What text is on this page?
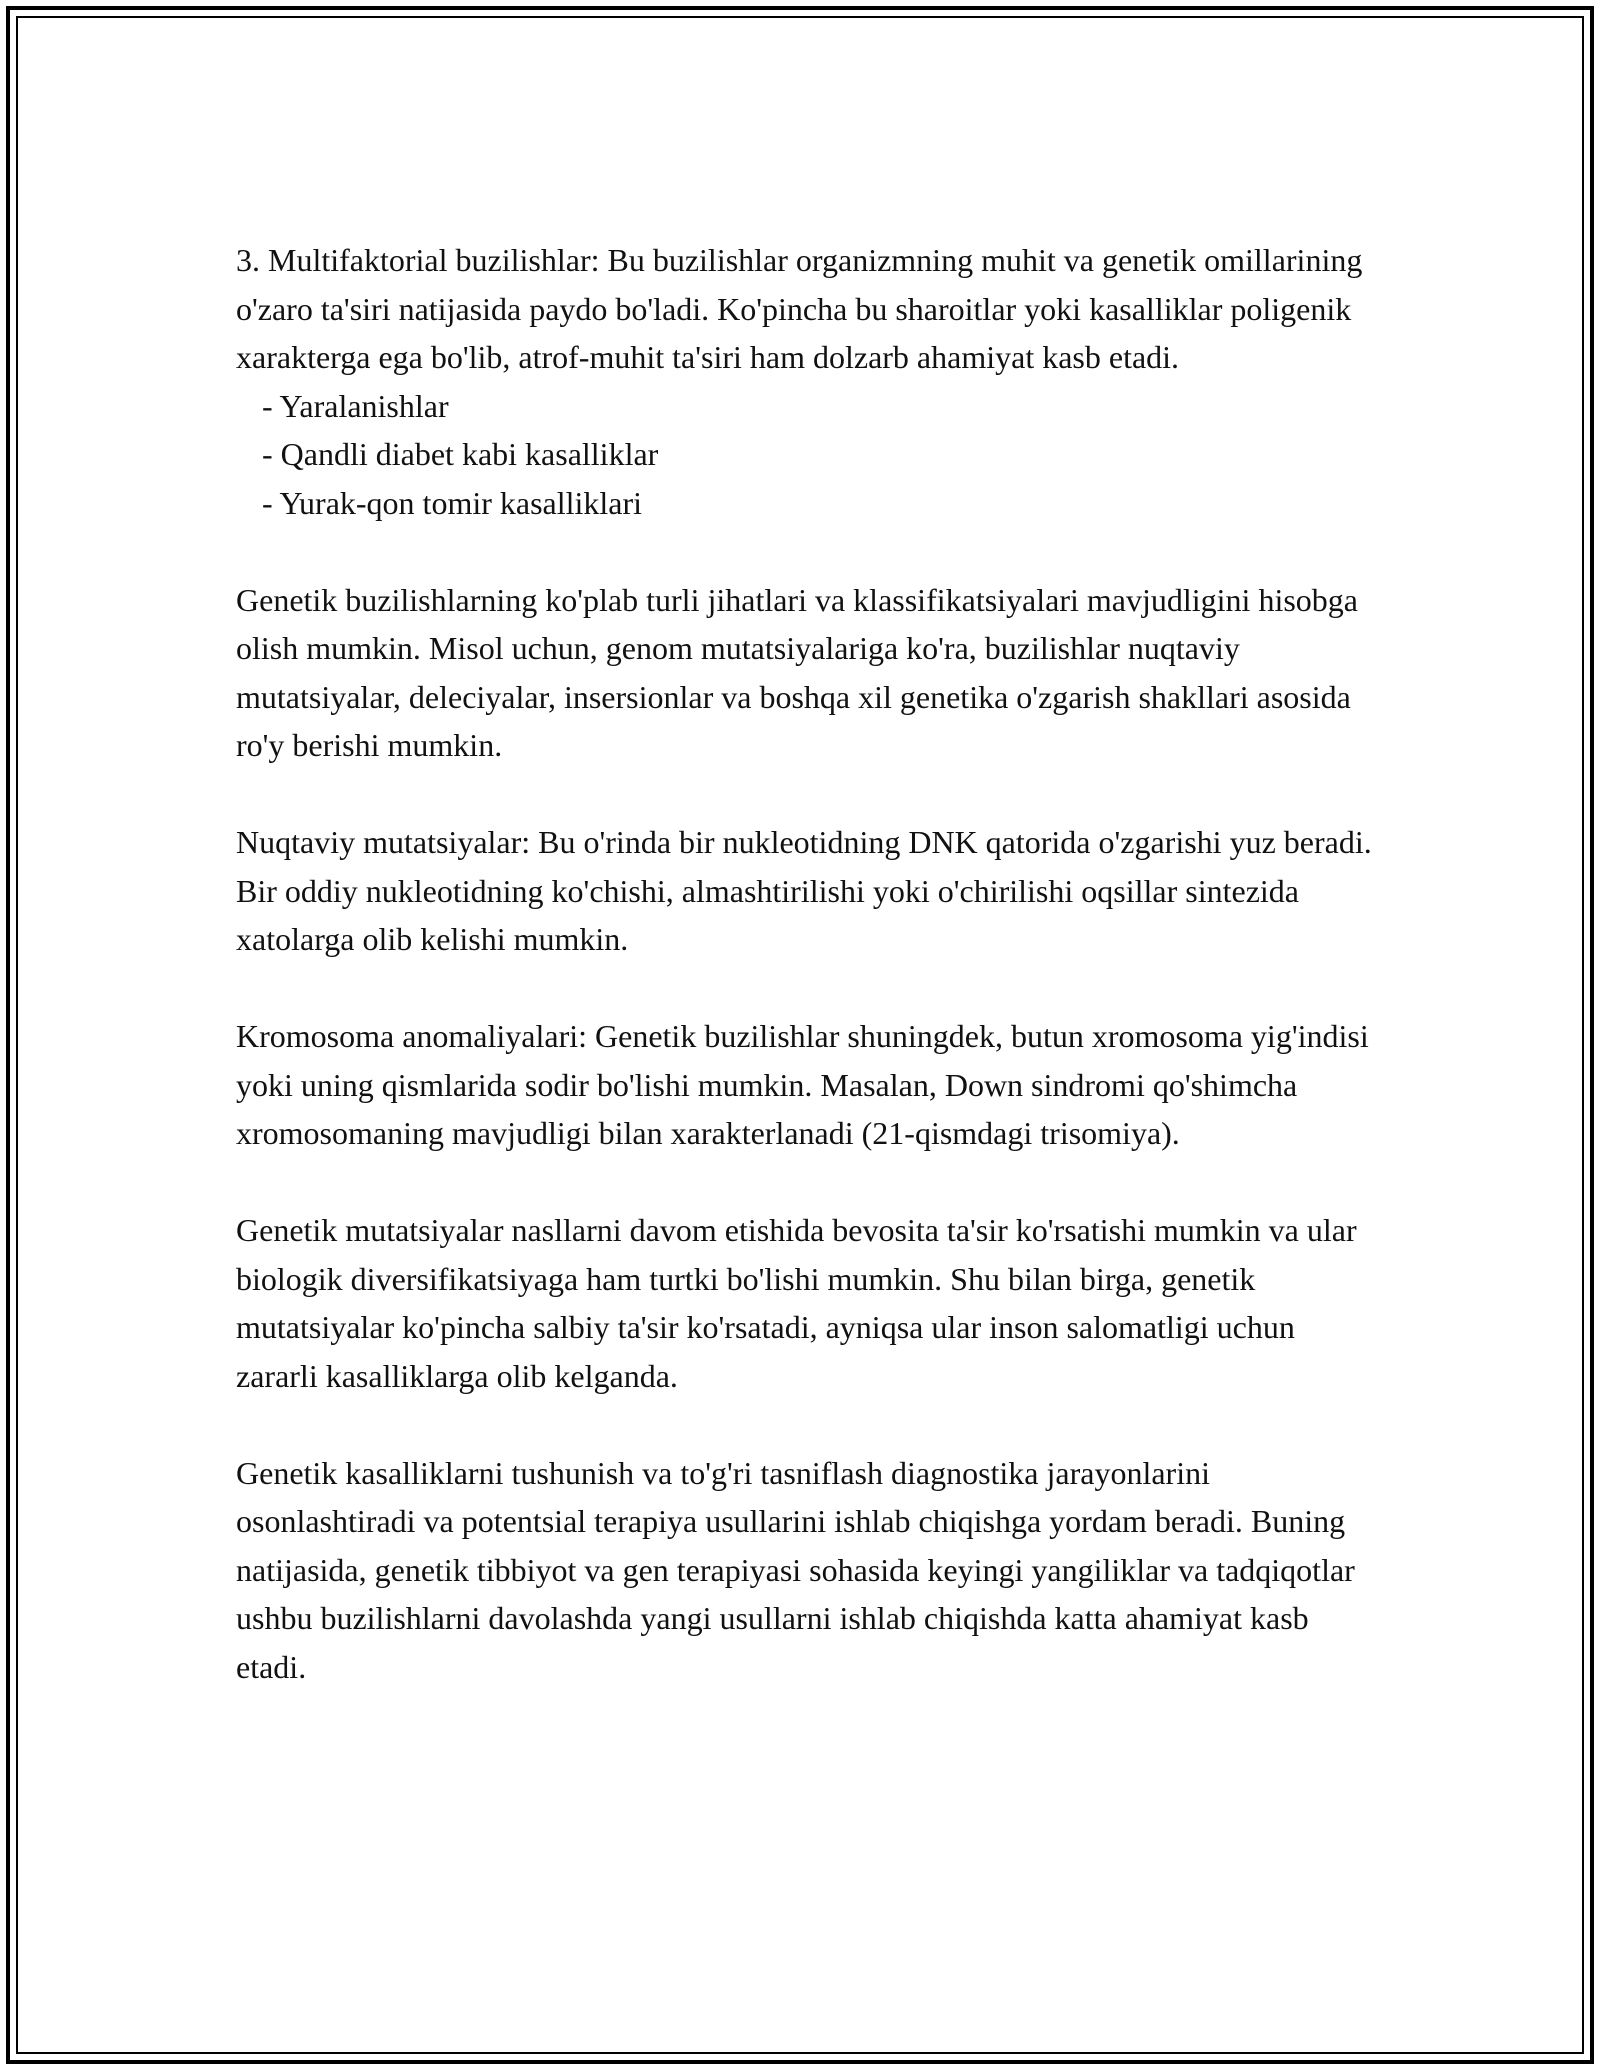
3. Multifaktorial buzilishlar: Bu buzilishlar organizmning muhit va genetik omillarining o'zaro ta'siri natijasida paydo bo'ladi. Ko'pincha bu sharoitlar yoki kasalliklar poligenik xarakterga ega bo'lib, atrof-muhit ta'siri ham dolzarb ahamiyat kasb etadi.

- Yaralanishlar
- Qandli diabet kabi kasalliklar
- Yurak-qon tomir kasalliklari

Genetik buzilishlarning ko'plab turli jihatlari va klassifikatsiyalari mavjudligini hisobga olish mumkin. Misol uchun, genom mutatsiyalariga ko'ra, buzilishlar nuqtaviy mutatsiyalar, deleciyalar, insersionlar va boshqa xil genetika o'zgarish shakllari asosida ro'y berishi mumkin.

Nuqtaviy mutatsiyalar: Bu o'rinda bir nukleotidning DNK qatorida o'zgarishi yuz beradi. Bir oddiy nukleotidning ko'chishi, almashtirilishi yoki o'chirilishi oqsillar sintezida xatolarga olib kelishi mumkin.

Kromosoma anomaliyalari: Genetik buzilishlar shuningdek, butun xromosoma yig'indisi yoki uning qismlarida sodir bo'lishi mumkin. Masalan, Down sindromi qo'shimcha xromosomaning mavjudligi bilan xarakterlanadi (21-qismdagi trisomiya).

Genetik mutatsiyalar nasllarni davom etishida bevosita ta'sir ko'rsatishi mumkin va ular biologik diversifikatsiyaga ham turtki bo'lishi mumkin. Shu bilan birga, genetik mutatsiyalar ko'pincha salbiy ta'sir ko'rsatadi, ayniqsa ular inson salomatligi uchun zararli kasalliklarga olib kelganda.

Genetik kasalliklarni tushunish va to'g'ri tasniflash diagnostika jarayonlarini osonlashtiradi va potentsial terapiya usullarini ishlab chiqishga yordam beradi. Buning natijasida, genetik tibbiyot va gen terapiyasi sohasida keyingi yangiliklar va tadqiqotlar ushbu buzilishlarni davolashda yangi usullarni ishlab chiqishda katta ahamiyat kasb etadi.
